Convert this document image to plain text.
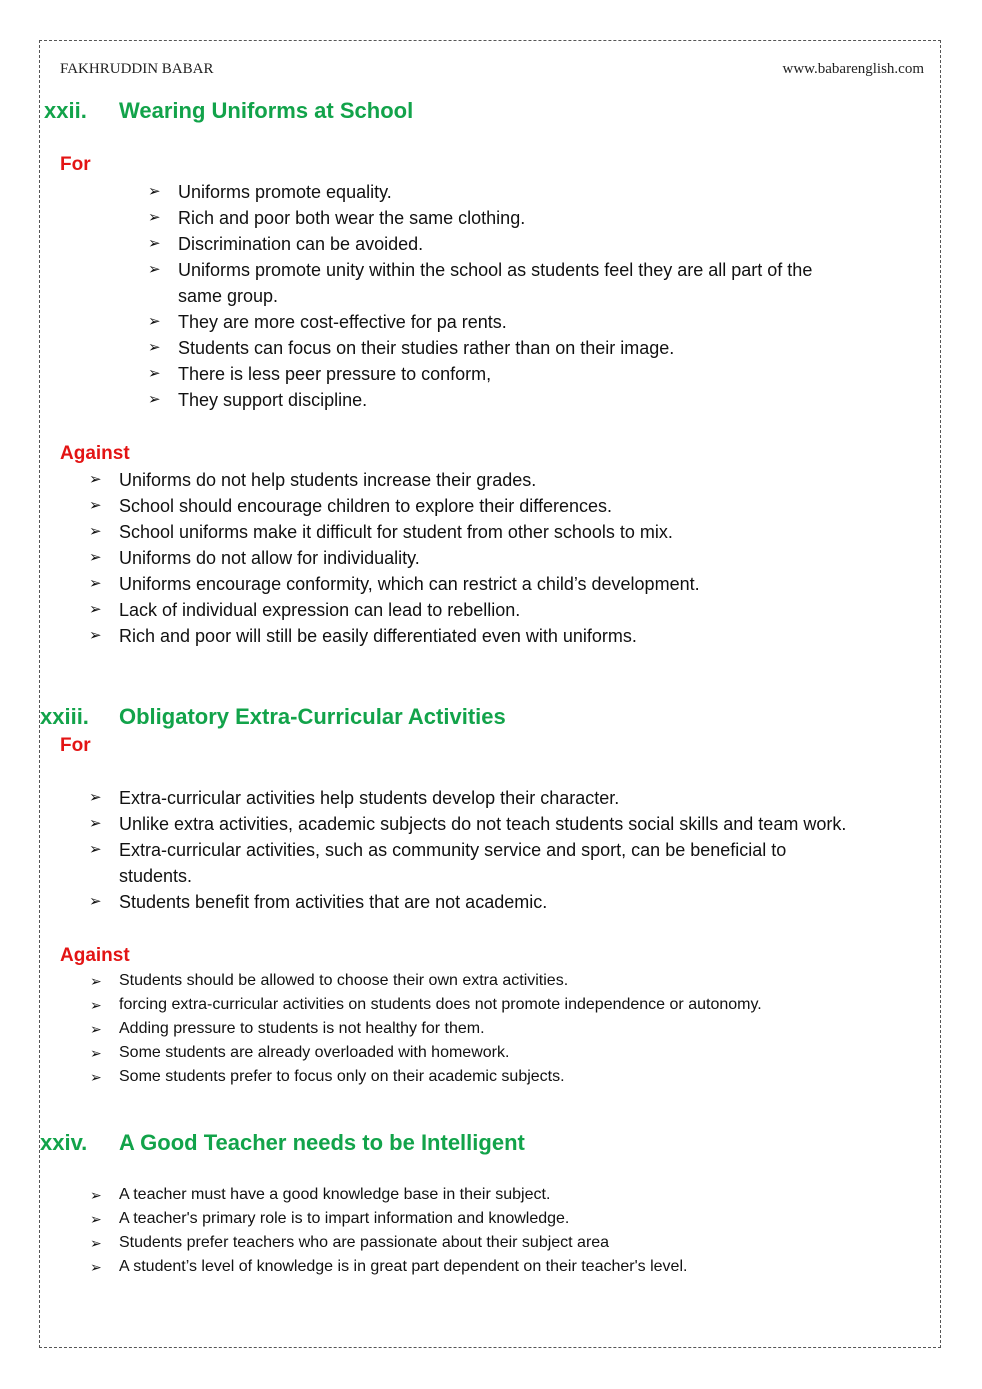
FAKHRUDDIN BABAR	www.babarenglish.com
xxii. Wearing Uniforms at School
For
➢ Uniforms promote equality.
➢ Rich and poor both wear the same clothing.
➢ Discrimination can be avoided.
➢ Uniforms promote unity within the school as students feel they are all part of the
same group.
➢ They are more cost-effective for pa rents.
➢ Students can focus on their studies rather than on their image.
➢ There is less peer pressure to conform,
➢ They support discipline.
Against
➢ Uniforms do not help students increase their grades.
➢ School should encourage children to explore their differences.
➢ School uniforms make it difficult for student from other schools to mix.
➢ Uniforms do not allow for individuality.
➢ Uniforms encourage conformity, which can restrict a child’s development.
➢ Lack of individual expression can lead to rebellion.
➢ Rich and poor will still be easily differentiated even with uniforms.
xxiii. Obligatory Extra-Curricular Activities
For
➢ Extra-curricular activities help students develop their character.
➢ Unlike extra activities, academic subjects do not teach students social skills and team work.
➢ Extra-curricular activities, such as community service and sport, can be beneficial to
students.
➢ Students benefit from activities that are not academic.
Against
➢ Students should be allowed to choose their own extra activities.
➢ forcing extra-curricular activities on students does not promote independence or autonomy.
➢ Adding pressure to students is not healthy for them.
➢ Some students are already overloaded with homework.
➢ Some students prefer to focus only on their academic subjects.
xxiv. A Good Teacher needs to be Intelligent
➢ A teacher must have a good knowledge base in their subject.
➢ A teacher's primary role is to impart information and knowledge.
➢ Students prefer teachers who are passionate about their subject area
➢ A student’s level of knowledge is in great part dependent on their teacher's level.
